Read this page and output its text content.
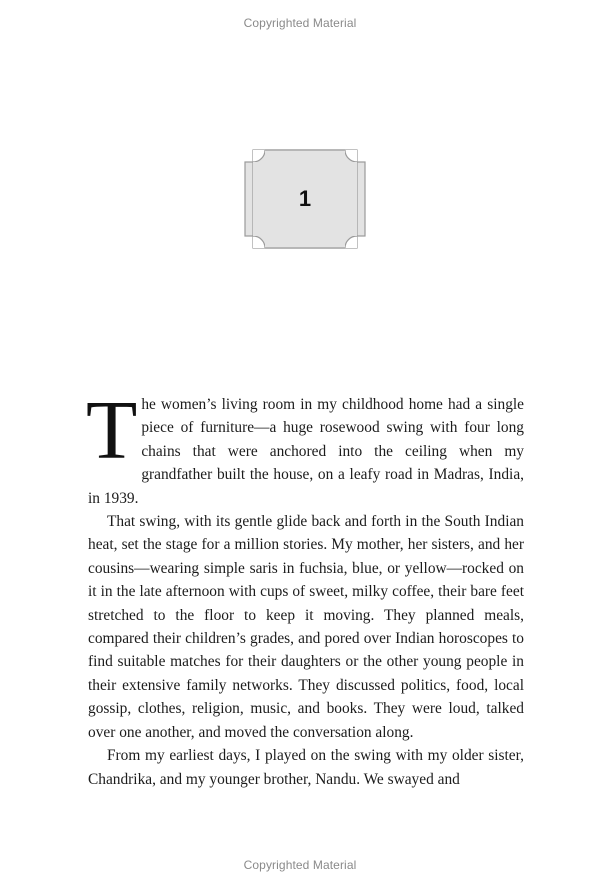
Copyrighted Material
1

The women’s living room in my childhood home had a single piece of furniture—a huge rosewood swing with four long chains that were anchored into the ceiling when my grandfather built the house, on a leafy road in Madras, India, in 1939.

That swing, with its gentle glide back and forth in the South Indian heat, set the stage for a million stories. My mother, her sisters, and her cousins—wearing simple saris in fuchsia, blue, or yellow—rocked on it in the late afternoon with cups of sweet, milky coffee, their bare feet stretched to the floor to keep it moving. They planned meals, compared their children’s grades, and pored over Indian horoscopes to find suitable matches for their daughters or the other young people in their extensive family networks. They discussed politics, food, local gossip, clothes, religion, music, and books. They were loud, talked over one another, and moved the conversation along.

From my earliest days, I played on the swing with my older sister, Chandrika, and my younger brother, Nandu. We swayed and

Copyrighted Material
